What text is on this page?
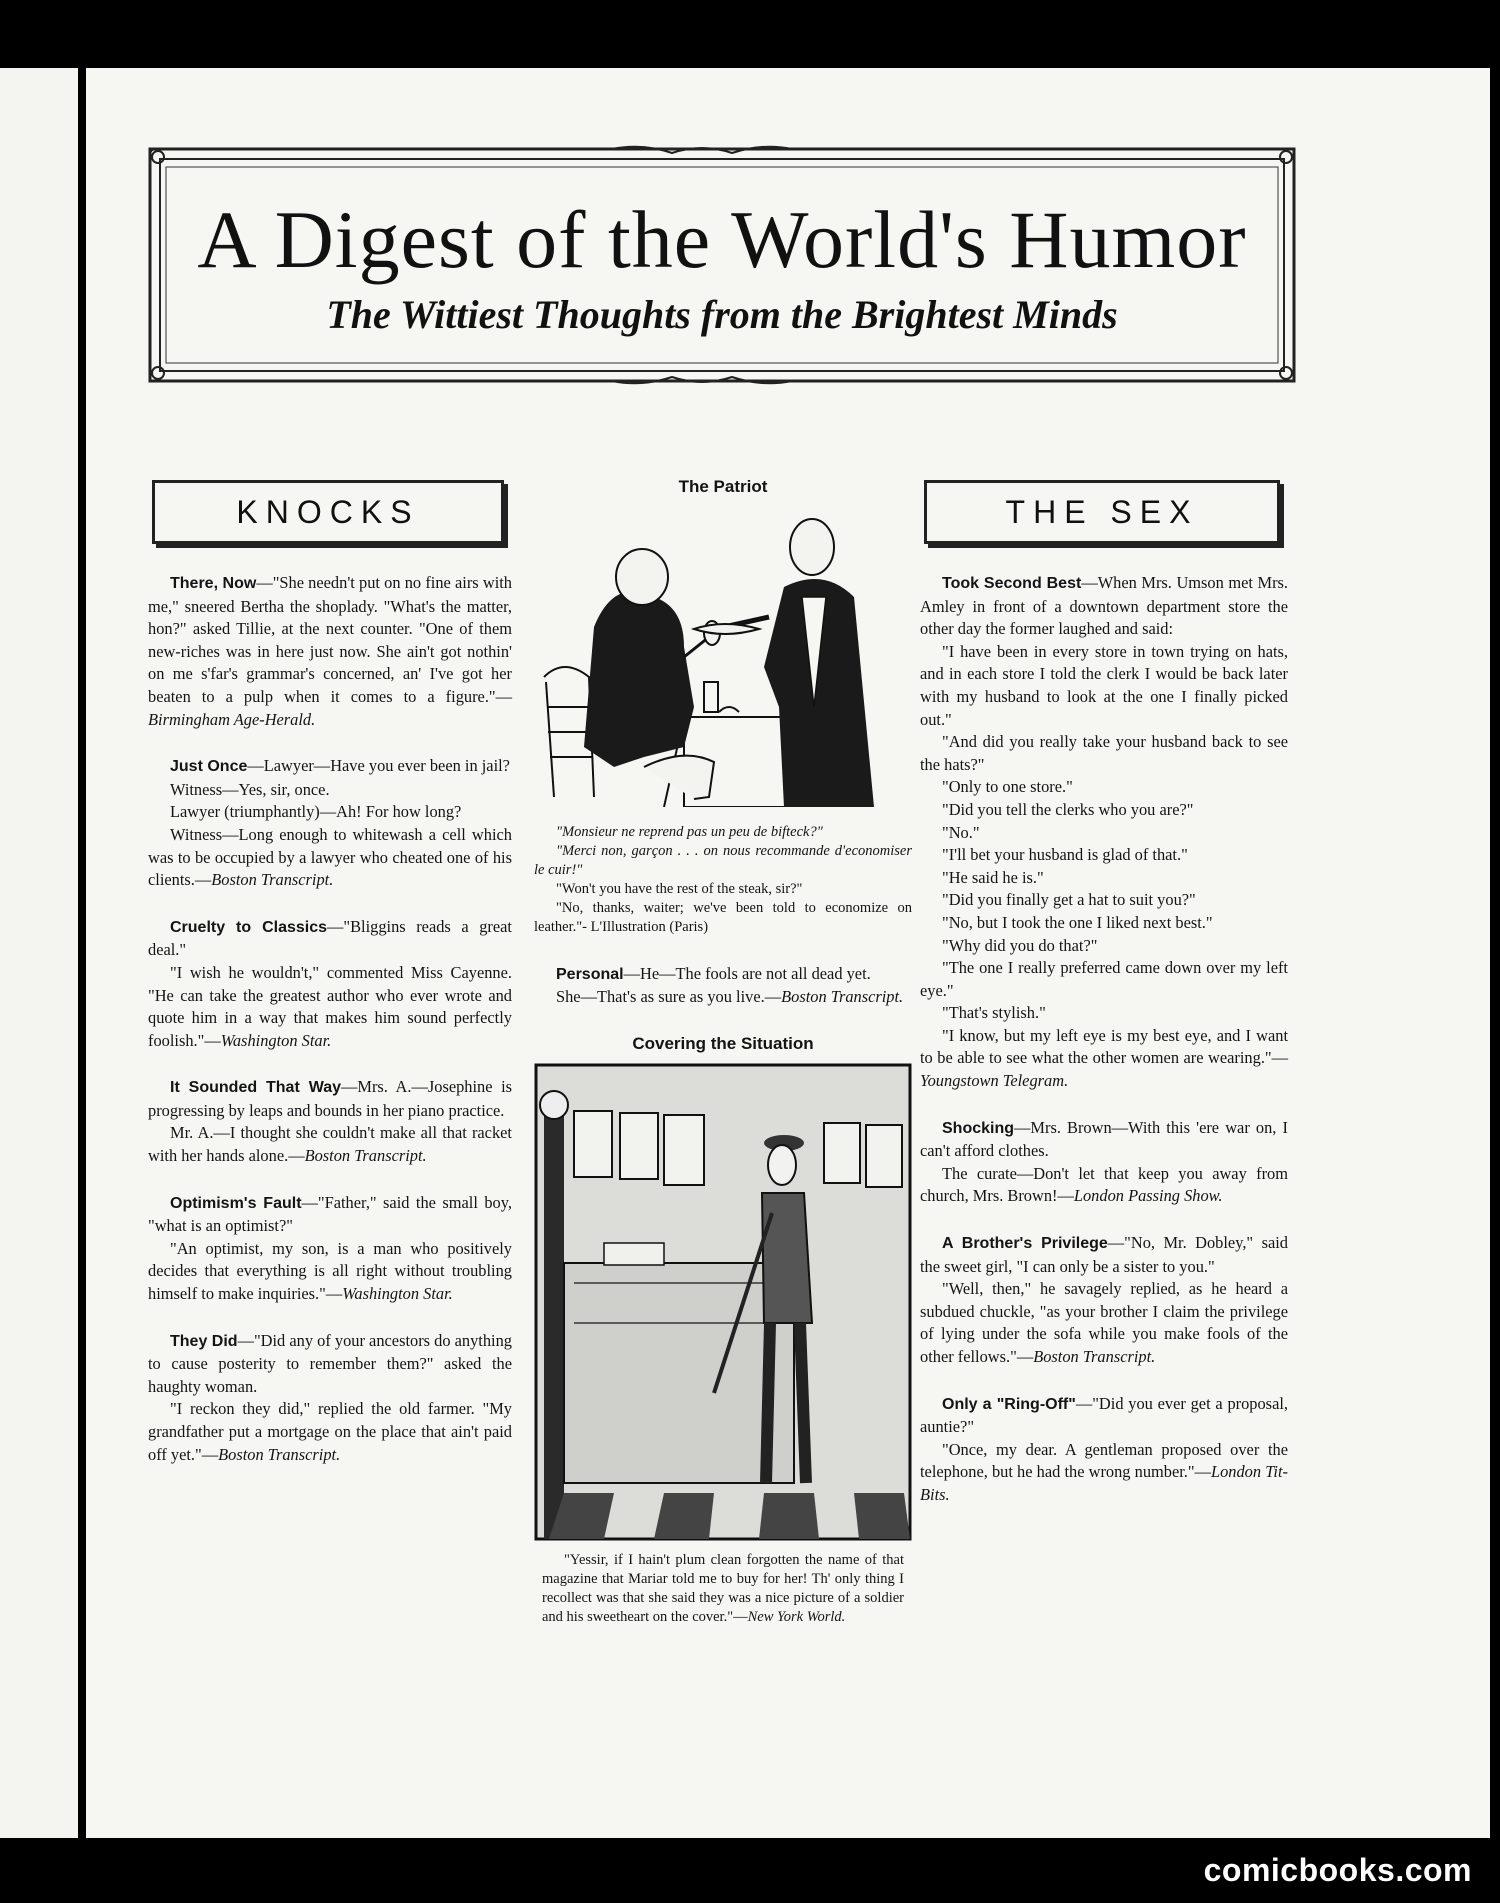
A Digest of the World's Humor
The Wittiest Thoughts from the Brightest Minds
KNOCKS

There, Now—"She needn't put on no fine airs with me," sneered Bertha the shoplady. "What's the matter, hon?" asked Tillie, at the next counter. "One of them new-riches was in here just now. She ain't got nothin' on me s'far's grammar's concerned, an' I've got her beaten to a pulp when it comes to a figure."—Birmingham Age-Herald.

Just Once—Lawyer—Have you ever been in jail?

Witness—Yes, sir, once.

Lawyer (triumphantly)—Ah! For how long?

Witness—Long enough to whitewash a cell which was to be occupied by a lawyer who cheated one of his clients.—Boston Transcript.

Cruelty to Classics—"Bliggins reads a great deal."

"I wish he wouldn't," commented Miss Cayenne. "He can take the greatest author who ever wrote and quote him in a way that makes him sound perfectly foolish."—Washington Star.

It Sounded That Way—Mrs. A.—Josephine is progressing by leaps and bounds in her piano practice.

Mr. A.—I thought she couldn't make all that racket with her hands alone.—Boston Transcript.

Optimism's Fault—"Father," said the small boy, "what is an optimist?"

"An optimist, my son, is a man who positively decides that everything is all right without troubling himself to make inquiries."—Washington Star.

They Did—"Did any of your ancestors do anything to cause posterity to remember them?" asked the haughty woman.

"I reckon they did," replied the old farmer. "My grandfather put a mortgage on the place that ain't paid off yet."—Boston Transcript.

The Patriot

"Monsieur ne reprend pas un peu de bifteck?"

"Merci non, garçon . . . on nous recommande d'economiser le cuir!"

"Won't you have the rest of the steak, sir?"

"No, thanks, waiter; we've been told to economize on leather."- L'Illustration (Paris)

Personal—He—The fools are not all dead yet.

She—That's as sure as you live.—Boston Transcript.

Covering the Situation

"Yessir, if I hain't plum clean forgotten the name of that magazine that Mariar told me to buy for her! Th' only thing I recollect was that she said they was a nice picture of a soldier and his sweetheart on the cover."—New York World.

THE SEX

Took Second Best—When Mrs. Umson met Mrs. Amley in front of a downtown department store the other day the former laughed and said:

"I have been in every store in town trying on hats, and in each store I told the clerk I would be back later with my husband to look at the one I finally picked out."

"And did you really take your husband back to see the hats?"

"Only to one store."

"Did you tell the clerks who you are?"

"No."

"I'll bet your husband is glad of that."

"He said he is."

"Did you finally get a hat to suit you?"

"No, but I took the one I liked next best."

"Why did you do that?"

"The one I really preferred came down over my left eye."

"That's stylish."

"I know, but my left eye is my best eye, and I want to be able to see what the other women are wearing."—Youngstown Telegram.

Shocking—Mrs. Brown—With this 'ere war on, I can't afford clothes.

The curate—Don't let that keep you away from church, Mrs. Brown!—London Passing Show.

A Brother's Privilege—"No, Mr. Dobley," said the sweet girl, "I can only be a sister to you."

"Well, then," he savagely replied, as he heard a subdued chuckle, "as your brother I claim the privilege of lying under the sofa while you make fools of the other fellows."—Boston Transcript.

Only a "Ring-Off"—"Did you ever get a proposal, auntie?"

"Once, my dear. A gentleman proposed over the telephone, but he had the wrong number."—London Tit-Bits.

comicbooks.com
